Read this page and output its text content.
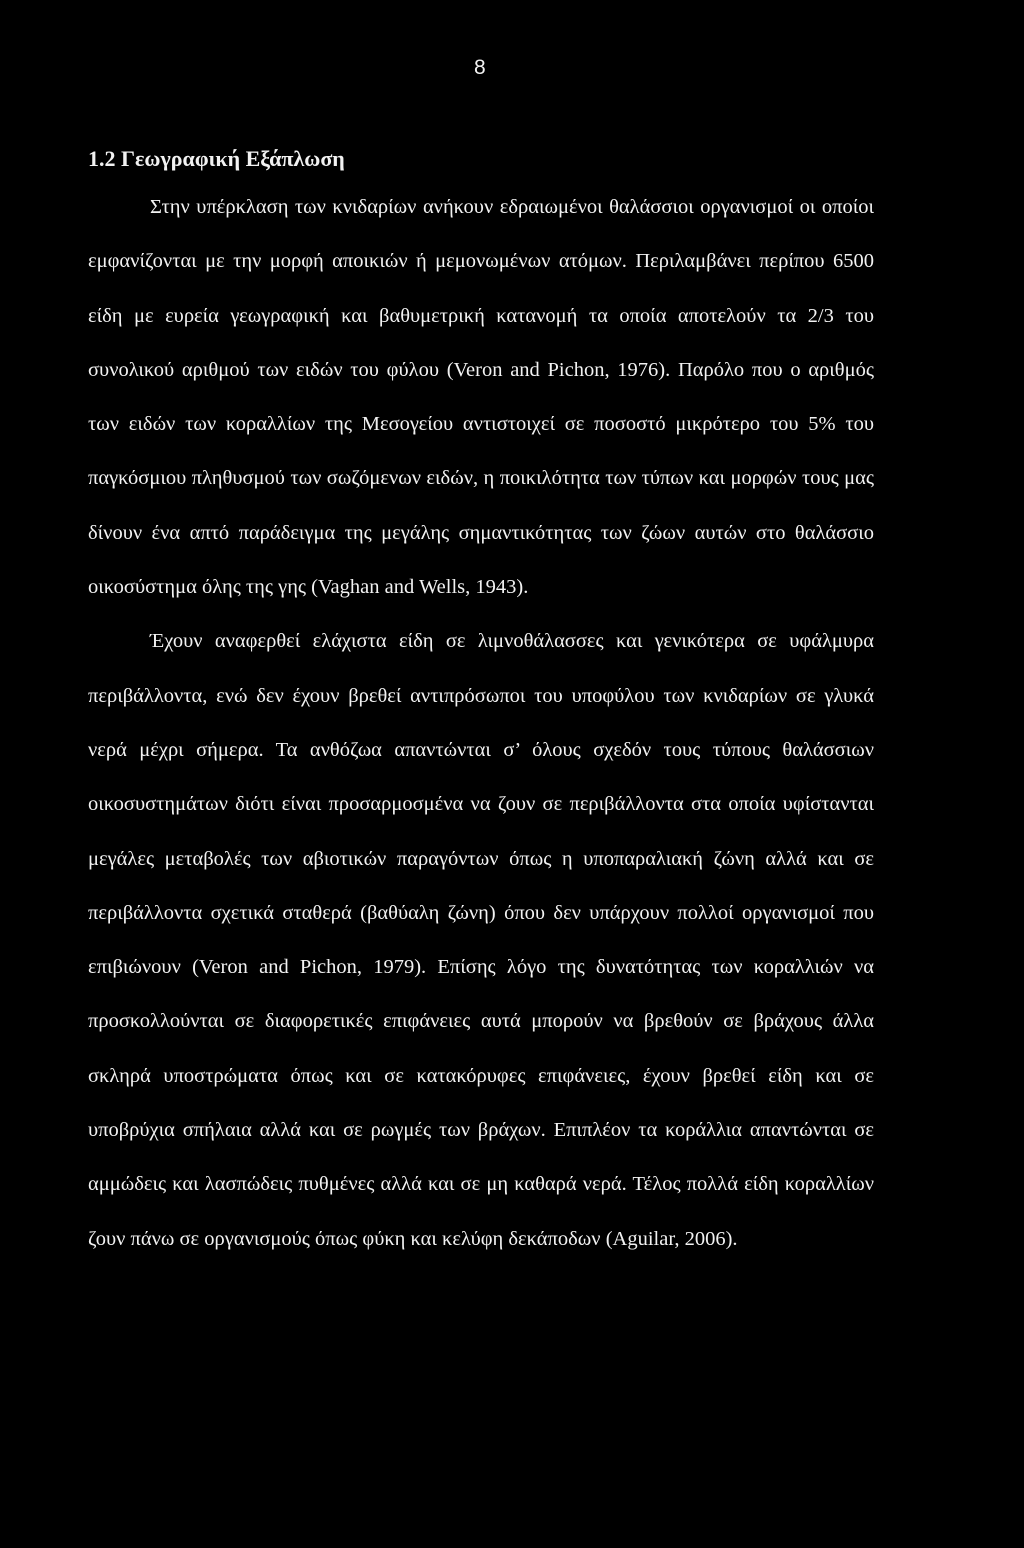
8
1.2 Γεωγραφική Εξάπλωση

Στην υπέρκλαση των κνιδαρίων ανήκουν εδραιωμένοι θαλάσσιοι οργανισμοί οι οποίοι εμφανίζονται με την μορφή αποικιών ή μεμονωμένων ατόμων. Περιλαμβάνει περίπου 6500 είδη με ευρεία γεωγραφική και βαθυμετρική κατανομή τα οποία αποτελούν τα 2/3 του συνολικού αριθμού των ειδών του φύλου (Veron and Pichon, 1976). Παρόλο που ο αριθμός των ειδών των κοραλλίων της Μεσογείου αντιστοιχεί σε ποσοστό μικρότερο του 5% του παγκόσμιου πληθυσμού των σωζόμενων ειδών, η ποικιλότητα των τύπων και μορφών τους μας δίνουν ένα απτό παράδειγμα της μεγάλης σημαντικότητας των ζώων αυτών στο θαλάσσιο οικοσύστημα όλης της γης (Vaghan and Wells, 1943).

Έχουν αναφερθεί ελάχιστα είδη σε λιμνοθάλασσες και γενικότερα σε υφάλμυρα περιβάλλοντα, ενώ δεν έχουν βρεθεί αντιπρόσωποι του υποφύλου των κνιδαρίων σε γλυκά νερά μέχρι σήμερα. Τα ανθόζωα απαντώνται σ’ όλους σχεδόν τους τύπους θαλάσσιων οικοσυστημάτων διότι είναι προσαρμοσμένα να ζουν σε περιβάλλοντα στα οποία υφίστανται μεγάλες μεταβολές των αβιοτικών παραγόντων όπως η υποπαραλιακή ζώνη αλλά και σε περιβάλλοντα σχετικά σταθερά (βαθύαλη ζώνη) όπου δεν υπάρχουν πολλοί οργανισμοί που επιβιώνουν (Veron and Pichon, 1979). Επίσης λόγο της δυνατότητας των κοραλλιών να προσκολλούνται σε διαφορετικές επιφάνειες αυτά μπορούν να βρεθούν σε βράχους άλλα σκληρά υποστρώματα όπως και σε κατακόρυφες επιφάνειες, έχουν βρεθεί είδη και σε υποβρύχια σπήλαια αλλά και σε ρωγμές των βράχων. Επιπλέον τα κοράλλια απαντώνται σε αμμώδεις και λασπώδεις πυθμένες αλλά και σε μη καθαρά νερά. Τέλος πολλά είδη κοραλλίων ζουν πάνω σε οργανισμούς όπως φύκη και κελύφη δεκάποδων (Aguilar, 2006).
